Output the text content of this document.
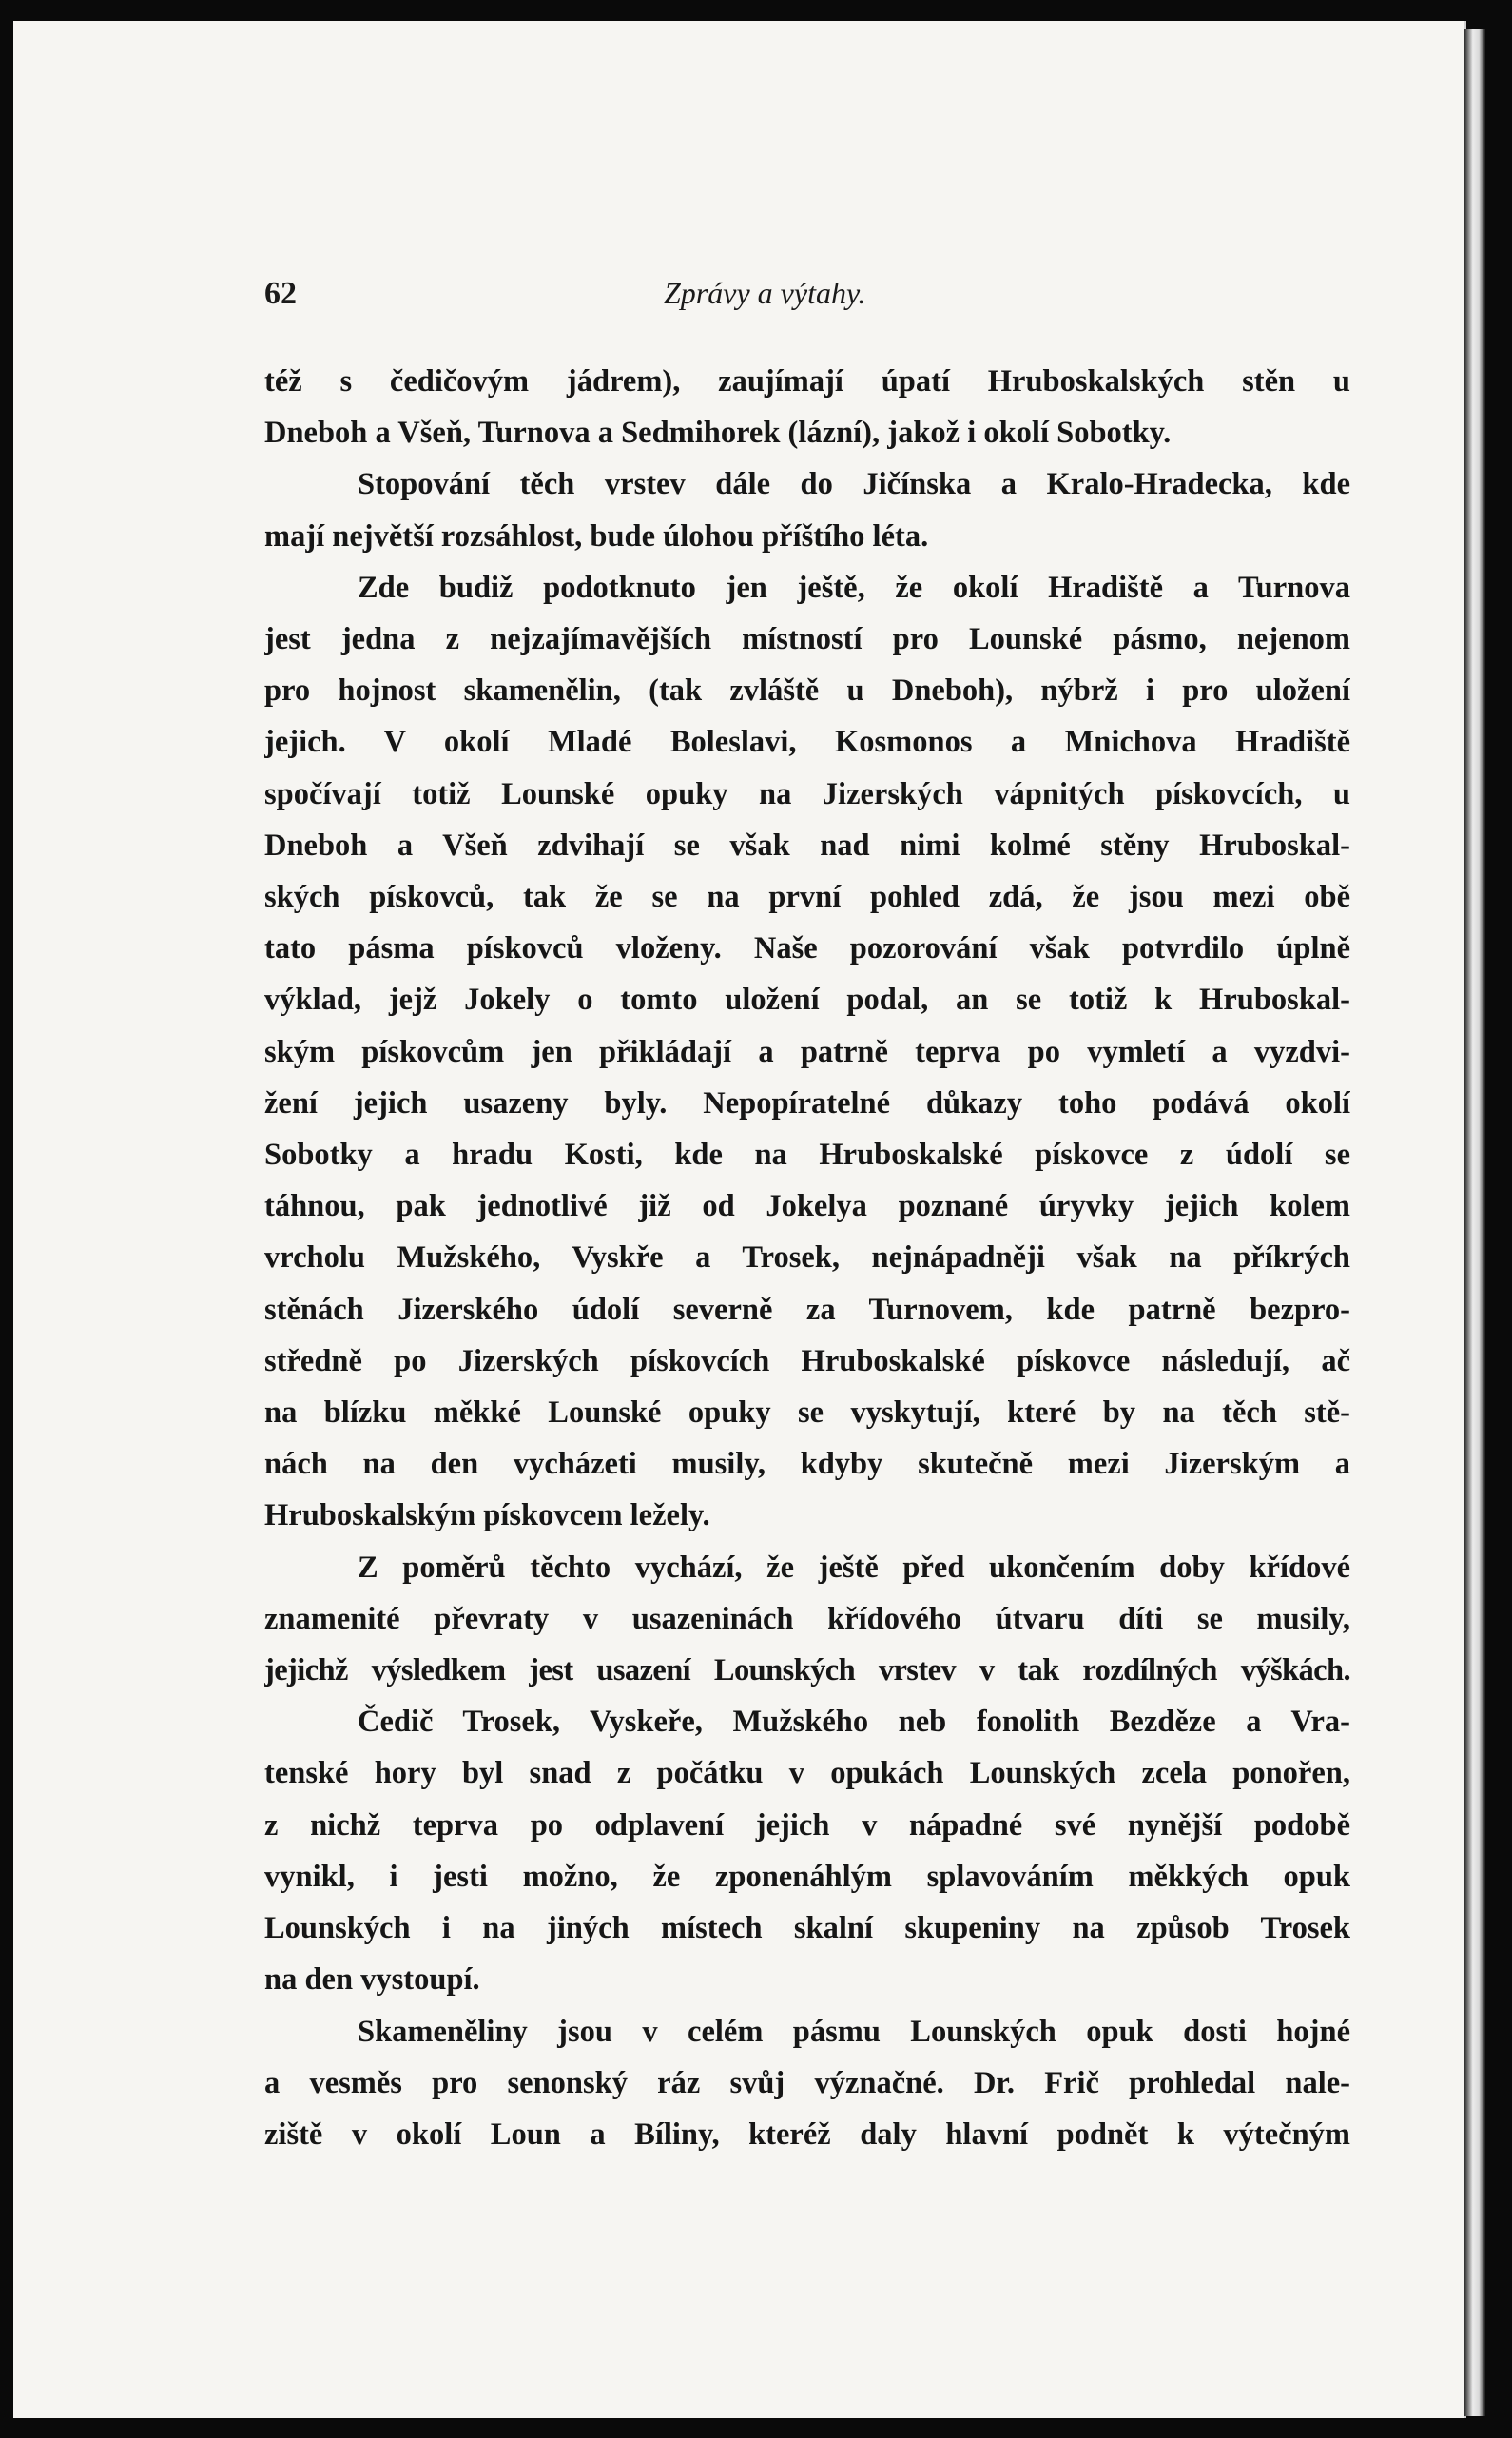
62	Zprávy a výtahy.
též s čedičovým jádrem), zaujímají úpatí Hruboskalských stěn u
Dneboh a Všeň, Turnova a Sedmihorek (lázní), jakož i okolí Sobotky.
Stopování těch vrstev dále do Jičínska a Kralo-Hradecka, kde
mají největší rozsáhlost, bude úlohou příštího léta.
Zde budiž podotknuto jen ještě, že okolí Hradiště a Turnova
jest jedna z nejzajímavějších místností pro Lounské pásmo, nejenom
pro hojnost skamenělin, (tak zvláště u Dneboh), nýbrž i pro uložení
jejich. V okolí Mladé Boleslavi, Kosmonos a Mnichova Hradiště
spočívají totiž Lounské opuky na Jizerských vápnitých pískovcích, u
Dneboh a Všeň zdvihají se však nad nimi kolmé stěny Hruboskal-
ských pískovců, tak že se na první pohled zdá, že jsou mezi obě
tato pásma pískovců vloženy. Naše pozorování však potvrdilo úplně
výklad, jejž Jokely o tomto uložení podal, an se totiž k Hruboskal-
ským pískovcům jen přikládají a patrně teprva po vymletí a vyzdvi-
žení jejich usazeny byly. Nepopíratelné důkazy toho podává okolí
Sobotky a hradu Kosti, kde na Hruboskalské pískovce z údolí se
táhnou, pak jednotlivé již od Jokelya poznané úryvky jejich kolem
vrcholu Mužského, Vyskře a Trosek, nejnápadněji však na příkrých
stěnách Jizerského údolí severně za Turnovem, kde patrně bezpro-
středně po Jizerských pískovcích Hruboskalské pískovce následují, ač
na blízku měkké Lounské opuky se vyskytují, které by na těch stě-
nách na den vycházeti musily, kdyby skutečně mezi Jizerským a
Hruboskalským pískovcem ležely.
Z poměrů těchto vychází, že ještě před ukončením doby křídové
znamenité převraty v usazeninách křídového útvaru díti se musily,
jejichž výsledkem jest usazení Lounských vrstev v tak rozdílných výškách.
Čedič Trosek, Vyskeře, Mužského neb fonolith Bezděze a Vra-
tenské hory byl snad z počátku v opukách Lounských zcela ponořen,
z nichž teprva po odplavení jejich v nápadné své nynější podobě
vynikl, i jesti možno, že zponenáhlým splavováním měkkých opuk
Lounských i na jiných místech skalní skupeniny na způsob Trosek
na den vystoupí.
Skameněliny jsou v celém pásmu Lounských opuk dosti hojné
a vesměs pro senonský ráz svůj význačné. Dr. Frič prohledal nale-
ziště v okolí Loun a Bíliny, kteréž daly hlavní podnět k výtečným
